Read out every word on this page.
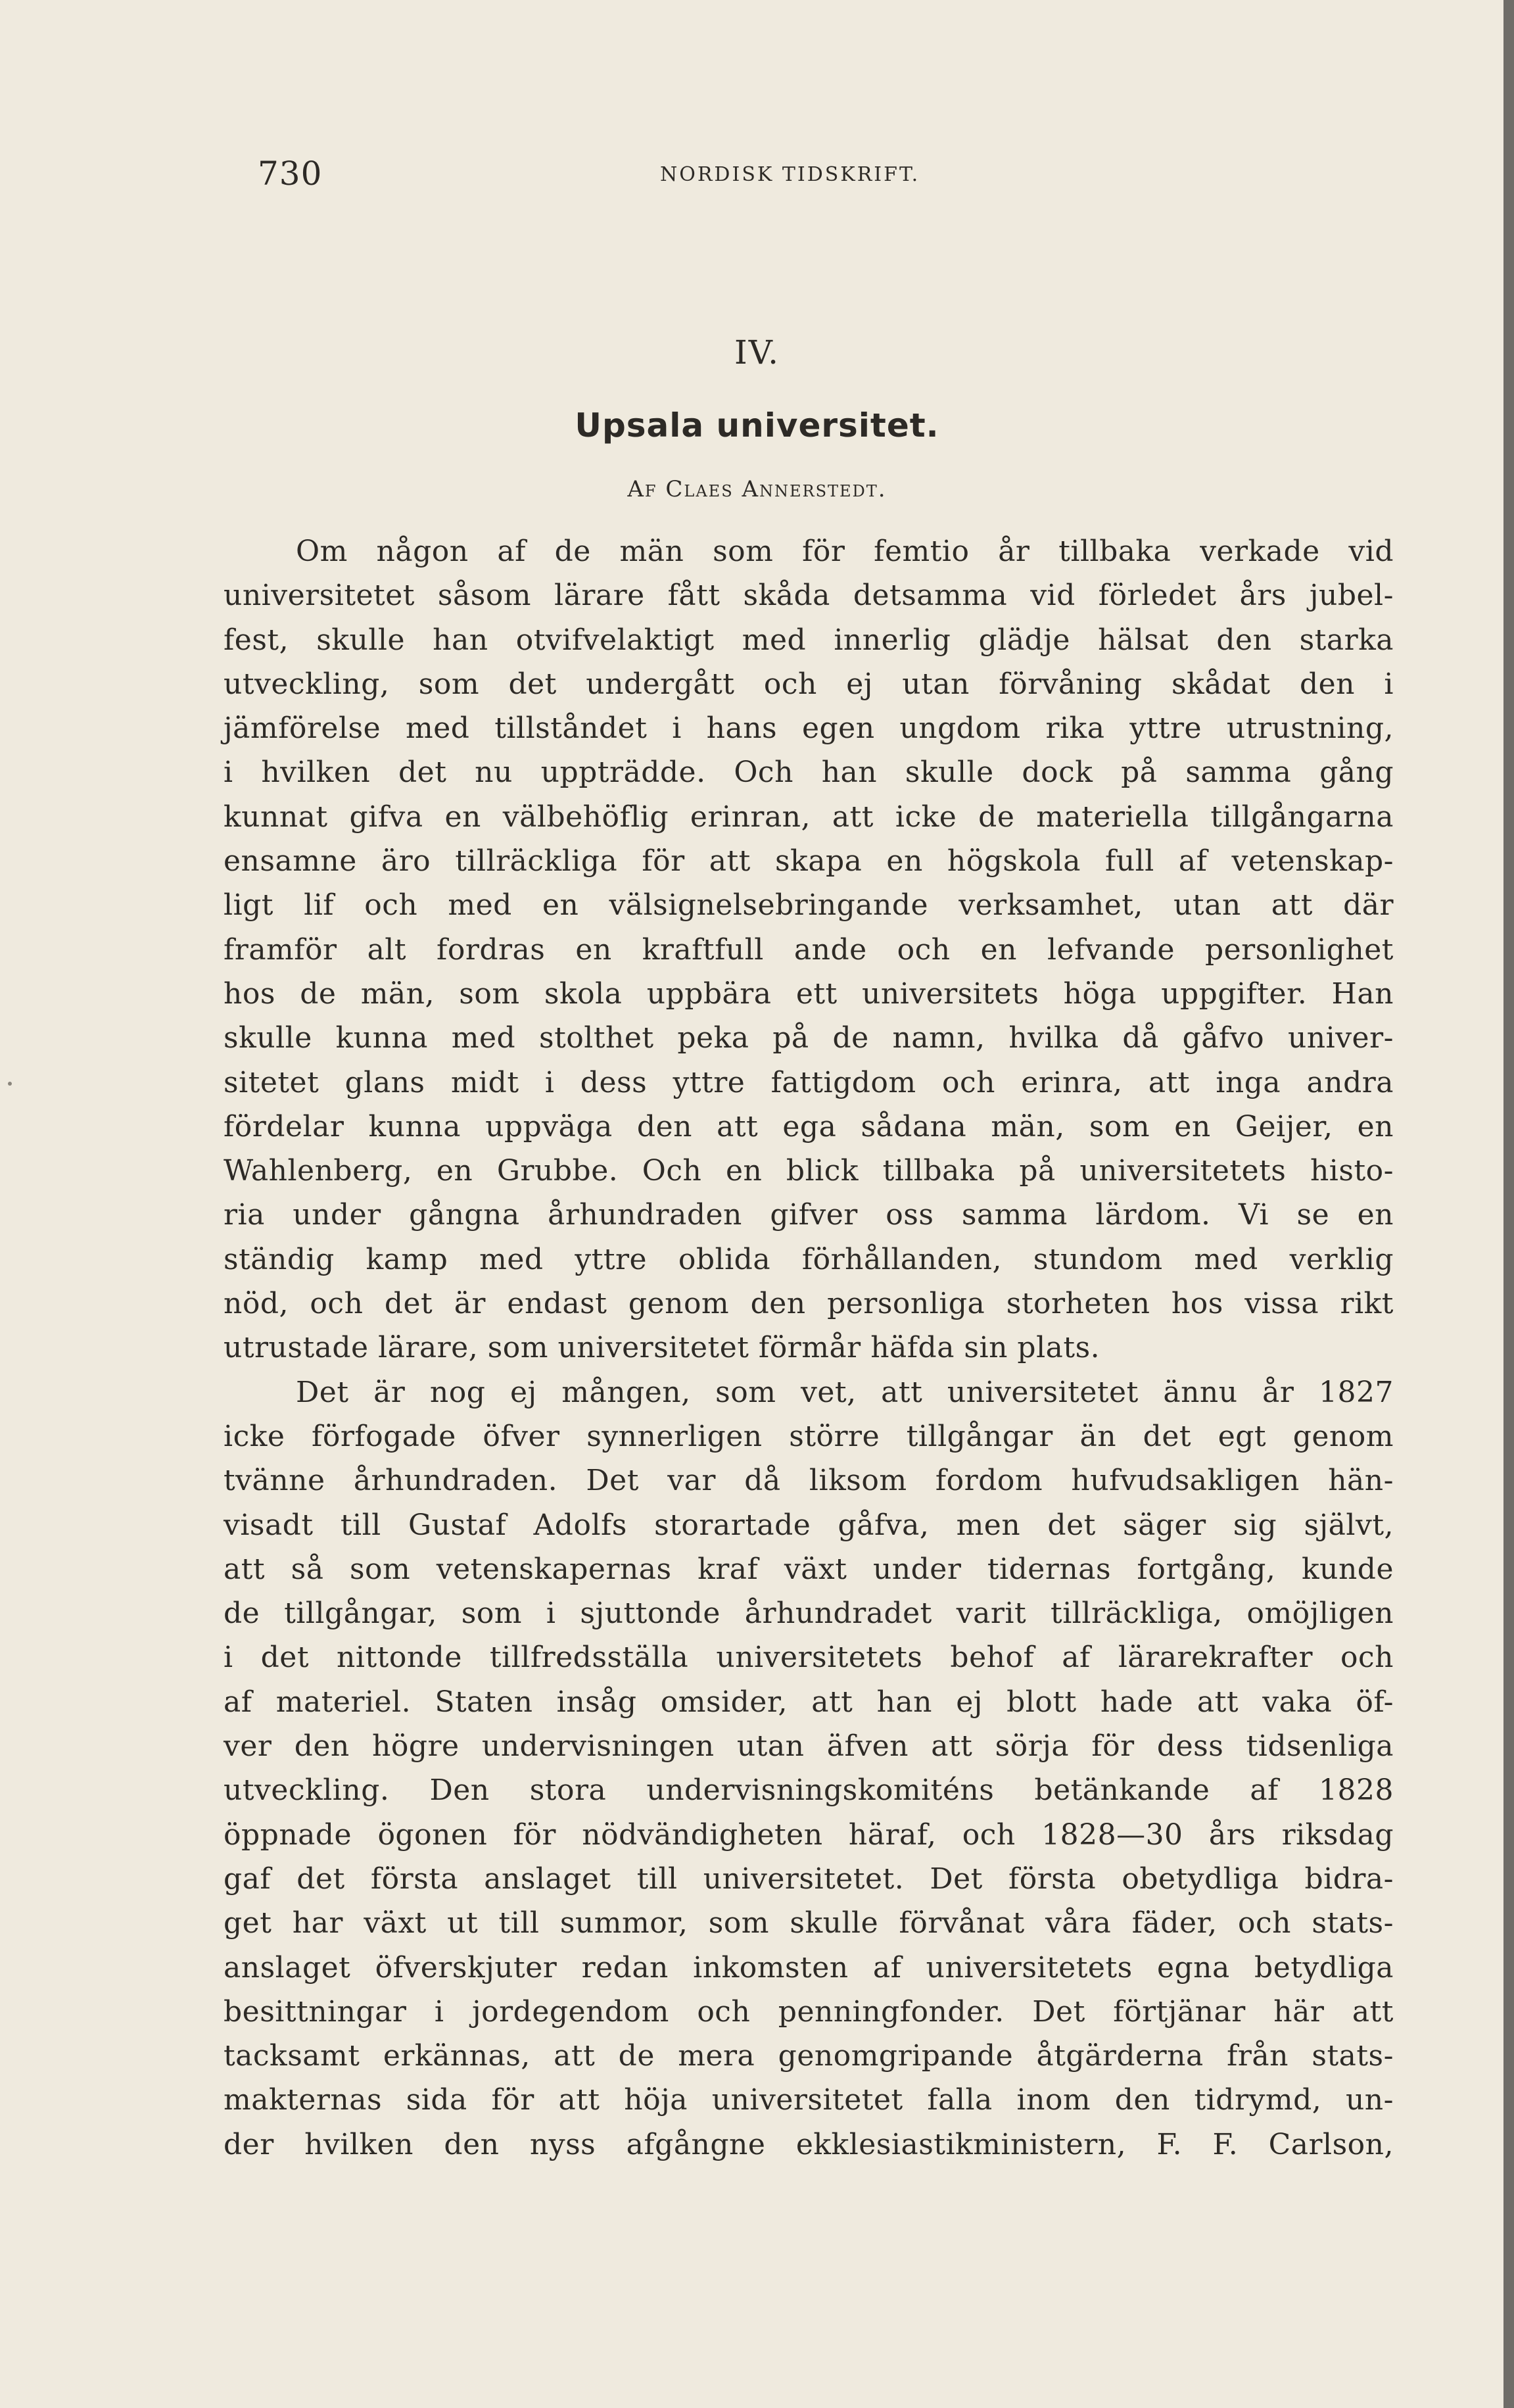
730	NORDISK TIDSKRIFT.
IV.
Upsala universitet.
Af Claes Annerstedt.
Om någon af de män som för femtio år tillbaka verkade vid
universitetet såsom lärare fått skåda detsamma vid förledet års jubel-
fest, skulle han otvifvelaktigt med innerlig glädje hälsat den starka
utveckling, som det undergått och ej utan förvåning skådat den i
jämförelse med tillståndet i hans egen ungdom rika yttre utrustning,
i hvilken det nu uppträdde. Och han skulle dock på samma gång
kunnat gifva en välbehöflig erinran, att icke de materiella tillgångarna
ensamne äro tillräckliga för att skapa en högskola full af vetenskap-
ligt lif och med en välsignelsebringande verksamhet, utan att där
framför alt fordras en kraftfull ande och en lefvande personlighet
hos de män, som skola uppbära ett universitets höga uppgifter. Han
skulle kunna med stolthet peka på de namn, hvilka då gåfvo univer-
sitetet glans midt i dess yttre fattigdom och erinra, att inga andra
fördelar kunna uppväga den att ega sådana män, som en Geijer, en
Wahlenberg, en Grubbe. Och en blick tillbaka på universitetets histo-
ria under gångna århundraden gifver oss samma lärdom. Vi se en
ständig kamp med yttre oblida förhållanden, stundom med verklig
nöd, och det är endast genom den personliga storheten hos vissa rikt
utrustade lärare, som universitetet förmår häfda sin plats.
Det är nog ej mången, som vet, att universitetet ännu år 1827
icke förfogade öfver synnerligen större tillgångar än det egt genom
tvänne århundraden. Det var då liksom fordom hufvudsakligen hän-
visadt till Gustaf Adolfs storartade gåfva, men det säger sig självt,
att så som vetenskapernas kraf växt under tidernas fortgång, kunde
de tillgångar, som i sjuttonde århundradet varit tillräckliga, omöjligen
i det nittonde tillfredsställa universitetets behof af lärarekrafter och
af materiel. Staten insåg omsider, att han ej blott hade att vaka öf-
ver den högre undervisningen utan äfven att sörja för dess tidsenliga
utveckling. Den stora undervisningskomiténs betänkande af 1828
öppnade ögonen för nödvändigheten häraf, och 1828—30 års riksdag
gaf det första anslaget till universitetet. Det första obetydliga bidra-
get har växt ut till summor, som skulle förvånat våra fäder, och stats-
anslaget öfverskjuter redan inkomsten af universitetets egna betydliga
besittningar i jordegendom och penningfonder. Det förtjänar här att
tacksamt erkännas, att de mera genomgripande åtgärderna från stats-
makternas sida för att höja universitetet falla inom den tidrymd, un-
der hvilken den nyss afgångne ekklesiastikministern, F. F. Carlson,
